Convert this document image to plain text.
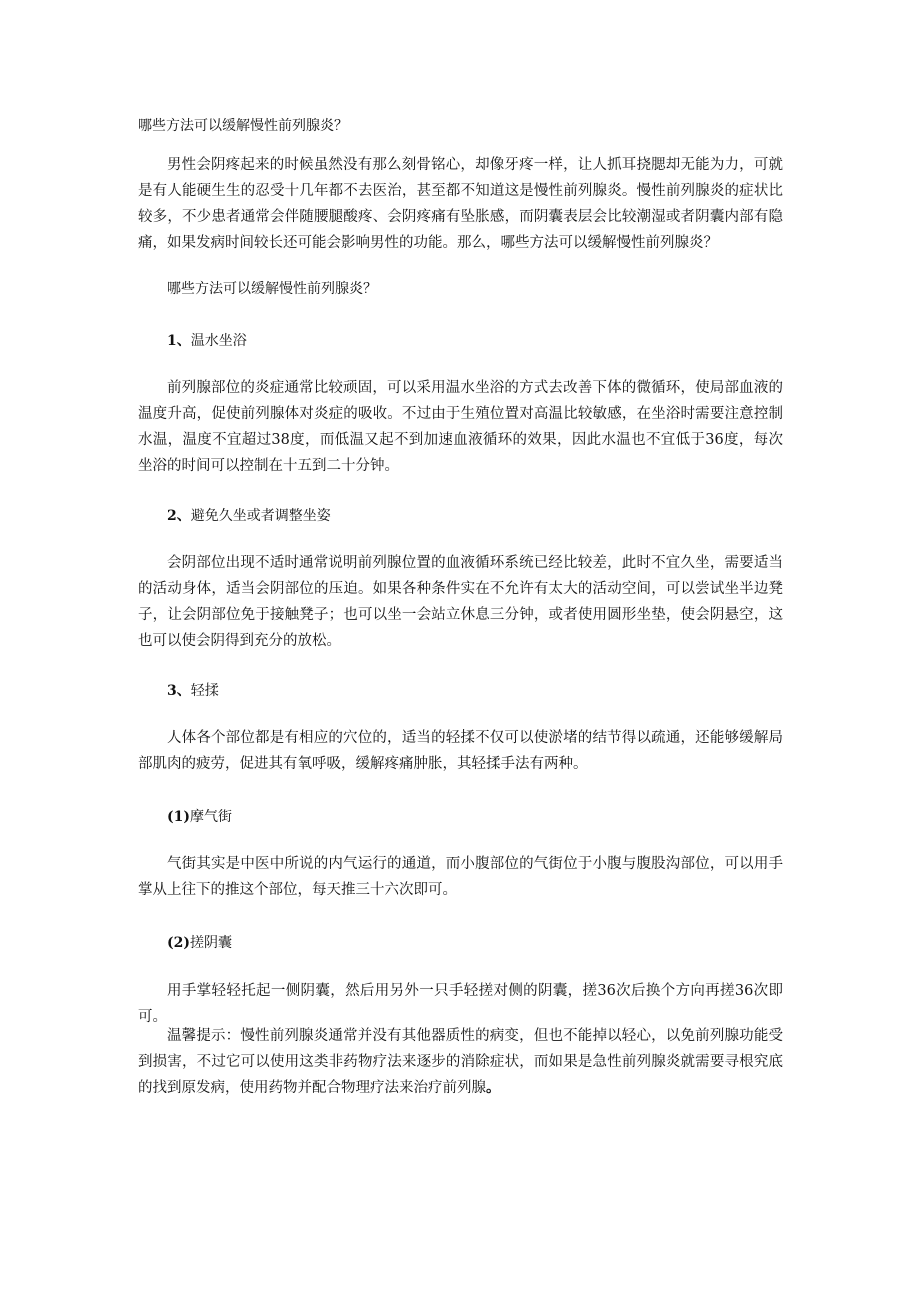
哪些方法可以缓解慢性前列腺炎？

男性会阴疼起来的时候虽然没有那么刻骨铭心，却像牙疼一样，让人抓耳挠腮却无能为力，可就是有人能硬生生的忍受十几年都不去医治，甚至都不知道这是慢性前列腺炎。慢性前列腺炎的症状比较多，不少患者通常会伴随腰腿酸疼、会阴疼痛有坠胀感，而阴囊表层会比较潮湿或者阴囊内部有隐痛，如果发病时间较长还可能会影响男性的功能。那么，哪些方法可以缓解慢性前列腺炎？

哪些方法可以缓解慢性前列腺炎？

1、温水坐浴

前列腺部位的炎症通常比较顽固，可以采用温水坐浴的方式去改善下体的微循环，使局部血液的温度升高，促使前列腺体对炎症的吸收。不过由于生殖位置对高温比较敏感，在坐浴时需要注意控制水温，温度不宜超过38度，而低温又起不到加速血液循环的效果，因此水温也不宜低于36度，每次坐浴的时间可以控制在十五到二十分钟。

2、避免久坐或者调整坐姿

会阴部位出现不适时通常说明前列腺位置的血液循环系统已经比较差，此时不宜久坐，需要适当的活动身体，适当会阴部位的压迫。如果各种条件实在不允许有太大的活动空间，可以尝试坐半边凳子，让会阴部位免于接触凳子；也可以坐一会站立休息三分钟，或者使用圆形坐垫，使会阴悬空，这也可以使会阴得到充分的放松。

3、轻揉

人体各个部位都是有相应的穴位的，适当的轻揉不仅可以使淤堵的结节得以疏通，还能够缓解局部肌肉的疲劳，促进其有氧呼吸，缓解疼痛肿胀，其轻揉手法有两种。

(1)摩气街

气街其实是中医中所说的内气运行的通道，而小腹部位的气街位于小腹与腹股沟部位，可以用手掌从上往下的推这个部位，每天推三十六次即可。

(2)搓阴囊

用手掌轻轻托起一侧阴囊，然后用另外一只手轻搓对侧的阴囊，搓36次后换个方向再搓36次即可。

温馨提示：慢性前列腺炎通常并没有其他器质性的病变，但也不能掉以轻心，以免前列腺功能受到损害，不过它可以使用这类非药物疗法来逐步的消除症状，而如果是急性前列腺炎就需要寻根究底的找到原发病，使用药物并配合物理疗法来治疗前列腺。
